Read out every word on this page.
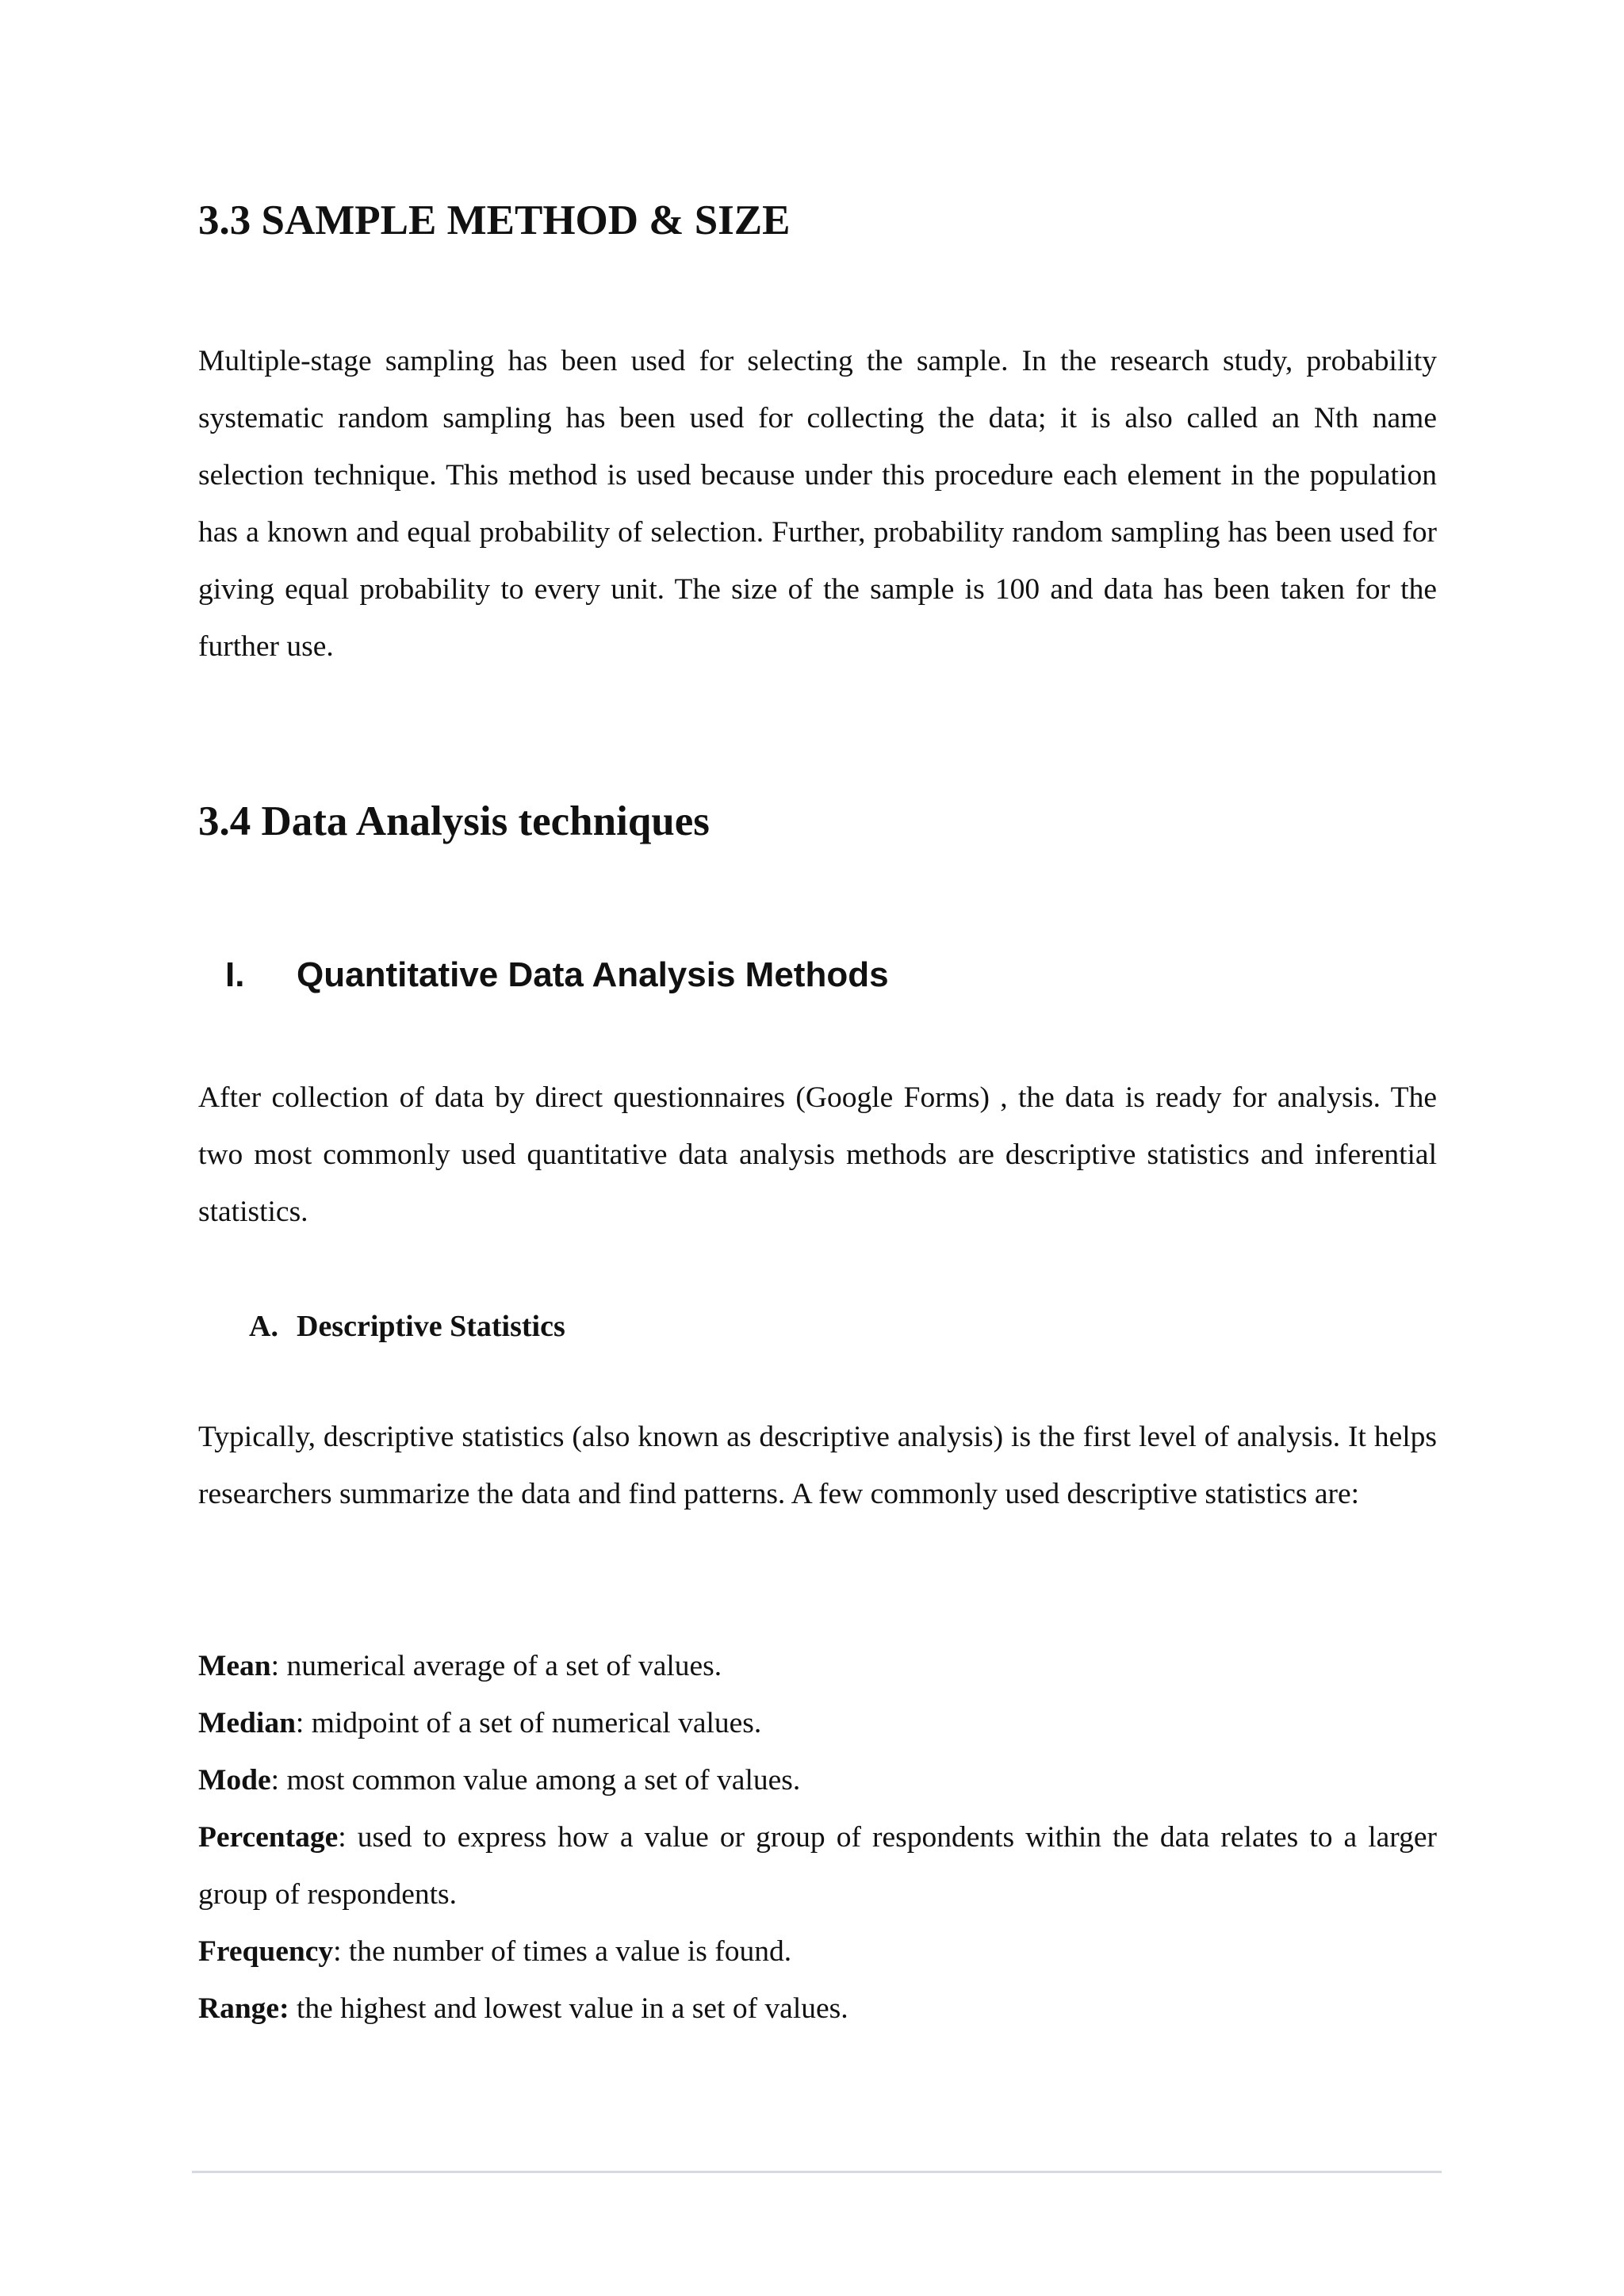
3.3 SAMPLE METHOD & SIZE

Multiple-stage sampling has been used for selecting the sample. In the research study, probability systematic random sampling has been used for collecting the data; it is also called an Nth name selection technique. This method is used because under this procedure each element in the population has a known and equal probability of selection. Further, probability random sampling has been used for giving equal probability to every unit. The size of the sample is 100 and data has been taken for the further use.

3.4 Data Analysis techniques
I. Quantitative Data Analysis Methods

After collection of data by direct questionnaires (Google Forms) , the data is ready for analysis. The two most commonly used quantitative data analysis methods are descriptive statistics and inferential statistics.

A. Descriptive Statistics

Typically, descriptive statistics (also known as descriptive analysis) is the first level of analysis. It helps researchers summarize the data and find patterns. A few commonly used descriptive statistics are:

Mean: numerical average of a set of values.
Median: midpoint of a set of numerical values.
Mode: most common value among a set of values.
Percentage: used to express how a value or group of respondents within the data relates to a larger group of respondents.
Frequency: the number of times a value is found.
Range: the highest and lowest value in a set of values.
